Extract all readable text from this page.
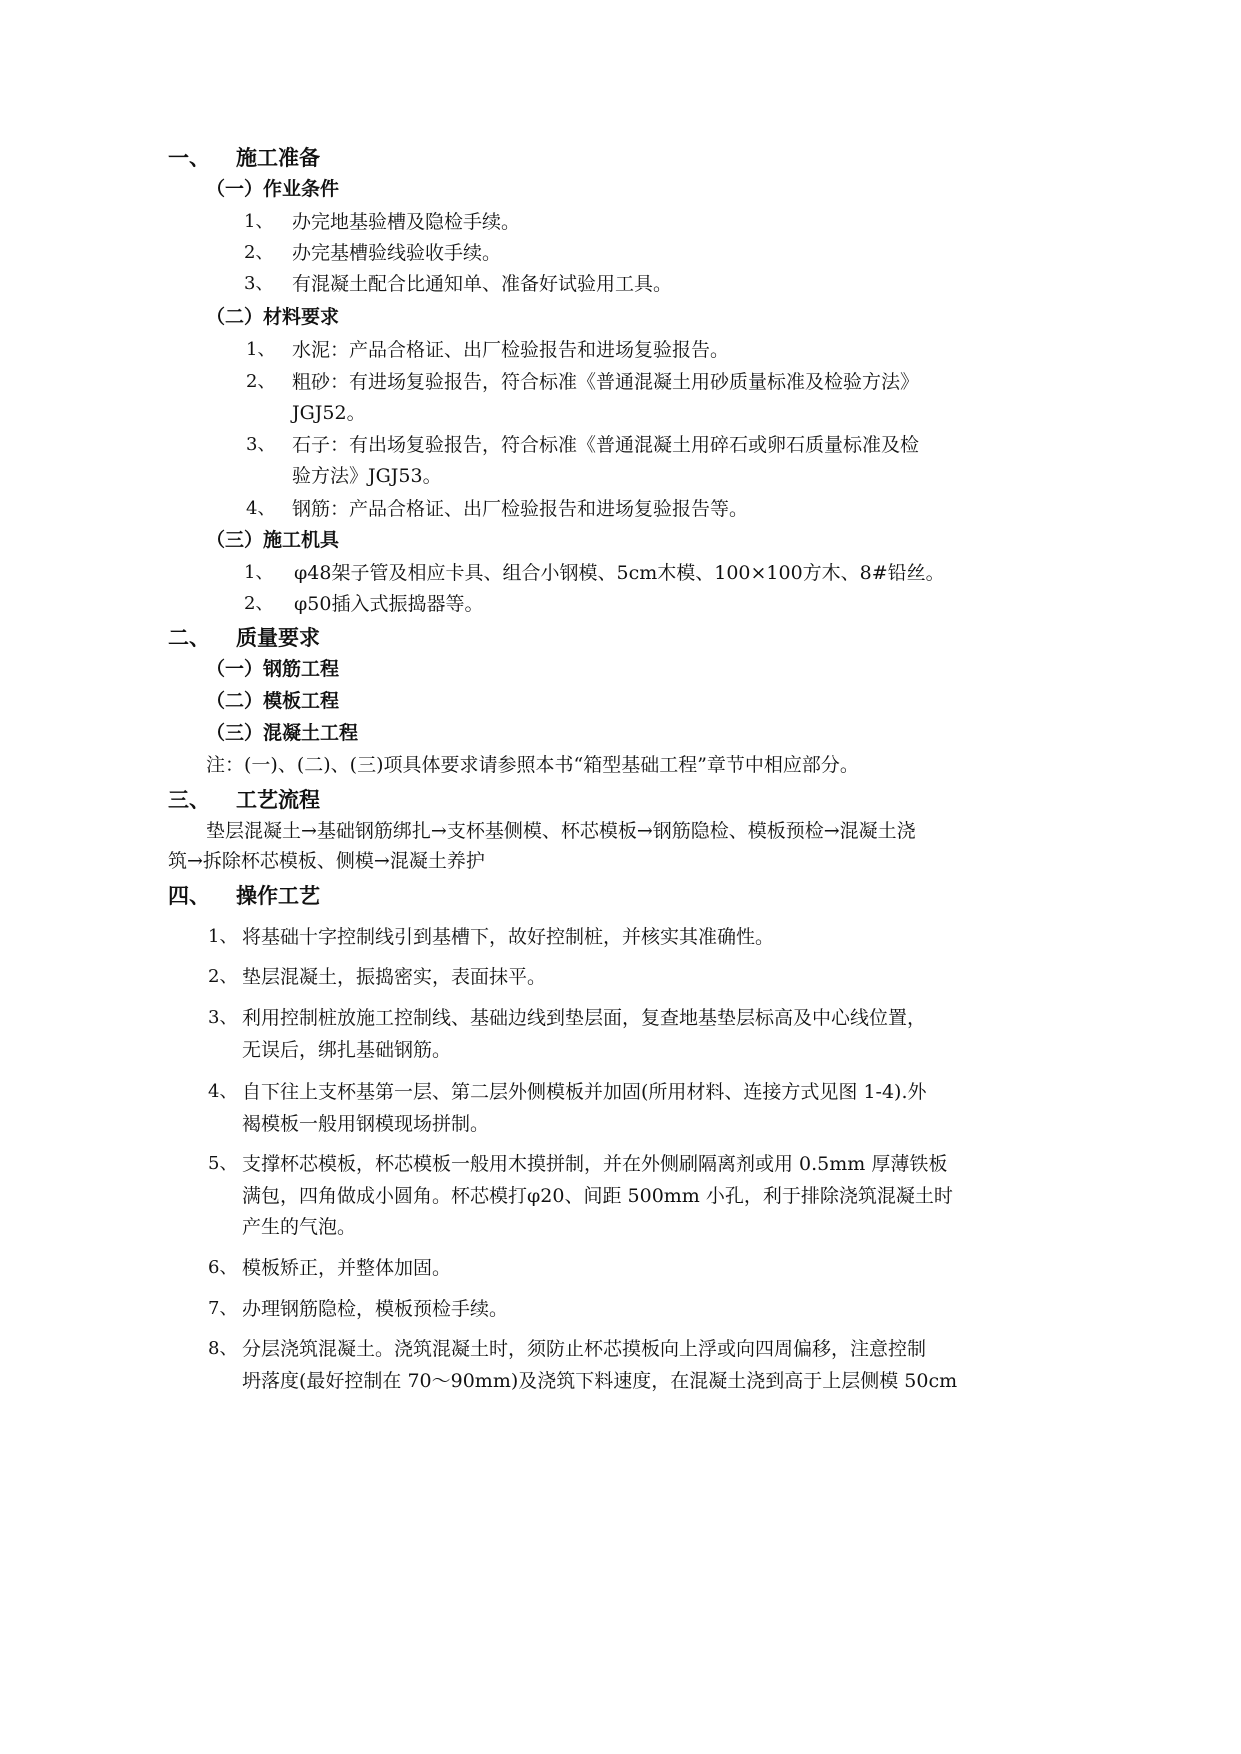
一、 施工准备
（一）作业条件
1、 办完地基验槽及隐检手续。
2、 办完基槽验线验收手续。
3、 有混凝土配合比通知单、准备好试验用工具。
（二）材料要求
1、 水泥：产品合格证、出厂检验报告和进场复验报告。
2、 粗砂：有进场复验报告，符合标准《普通混凝土用砂质量标准及检验方法》
JGJ52。
3、 石子：有出场复验报告，符合标准《普通混凝土用碎石或卵石质量标准及检
验方法》JGJ53。
4、 钢筋：产品合格证、出厂检验报告和进场复验报告等。
（三）施工机具
1、 φ48架子管及相应卡具、组合小钢模、5cm木模、100×100方木、8#铅丝。
2、 φ50插入式振捣器等。
二、 质量要求
（一）钢筋工程
（二）模板工程
（三）混凝土工程
注：(一)、(二)、(三)项具体要求请参照本书“箱型基础工程”章节中相应部分。
三、 工艺流程
垫层混凝土→基础钢筋绑扎→支杯基侧模、杯芯模板→钢筋隐检、模板预检→混凝土浇
筑→拆除杯芯模板、侧模→混凝土养护
四、 操作工艺
1、 将基础十字控制线引到基槽下，故好控制桩，并核实其准确性。
2、 垫层混凝土，振捣密实，表面抹平。
3、 利用控制桩放施工控制线、基础边线到垫层面，复查地基垫层标高及中心线位置，
无误后，绑扎基础钢筋。
4、 自下往上支杯基第一层、第二层外侧模板并加固(所用材料、连接方式见图 1-4).外
褐模板一般用钢模现场拼制。
5、 支撑杯芯模板，杯芯模板一般用木摸拼制，并在外侧刷隔离剂或用 0.5mm 厚薄铁板
满包，四角做成小圆角。杯芯模打φ20、间距 500mm 小孔，利于排除浇筑混凝土时
产生的气泡。
6、 模板矫正，并整体加固。
7、 办理钢筋隐检，模板预检手续。
8、 分层浇筑混凝土。浇筑混凝土时，须防止杯芯摸板向上浮或向四周偏移，注意控制
坍落度(最好控制在 70～90mm)及浇筑下料速度，在混凝土浇到高于上层侧模 50cm
